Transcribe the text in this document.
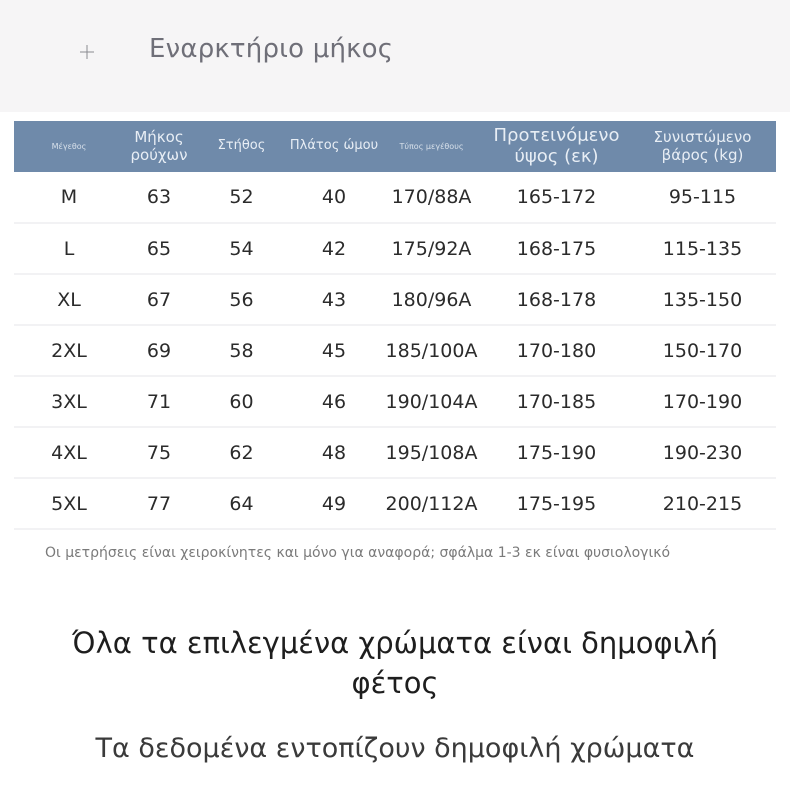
Εναρκτήριο μήκος
Μέγεθος	Μήκος ρούχων	Στήθος	Πλάτος ώμου	Τύπος μεγέθους	Προτεινόμενο ύψος (εκ)	Συνιστώμενο βάρος (kg)
M	63	52	40	170/88A	165-172	95-115
L	65	54	42	175/92A	168-175	115-135
XL	67	56	43	180/96A	168-178	135-150
2XL	69	58	45	185/100A	170-180	150-170
3XL	71	60	46	190/104A	170-185	170-190
4XL	75	62	48	195/108A	175-190	190-230
5XL	77	64	49	200/112A	175-195	210-215
Οι μετρήσεις είναι χειροκίνητες και μόνο για αναφορά; σφάλμα 1-3 εκ είναι φυσιολογικό
Όλα τα επιλεγμένα χρώματα είναι δημοφιλή φέτος
Τα δεδομένα εντοπίζουν δημοφιλή χρώματα
